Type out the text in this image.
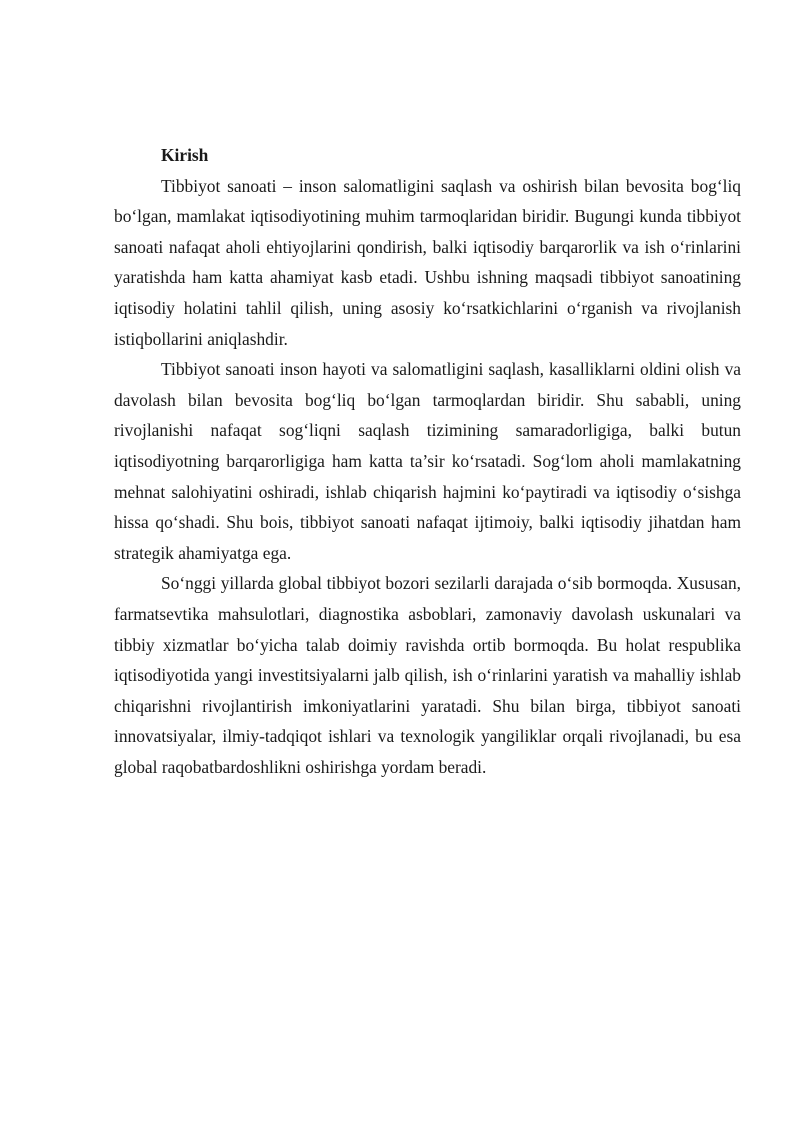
Kirish

Tibbiyot sanoati – inson salomatligini saqlash va oshirish bilan bevosita bog‘liq bo‘lgan, mamlakat iqtisodiyotining muhim tarmoqlaridan biridir. Bugungi kunda tibbiyot sanoati nafaqat aholi ehtiyojlarini qondirish, balki iqtisodiy barqarorlik va ish o‘rinlarini yaratishda ham katta ahamiyat kasb etadi. Ushbu ishning maqsadi tibbiyot sanoatining iqtisodiy holatini tahlil qilish, uning asosiy ko‘rsatkichlarini o‘rganish va rivojlanish istiqbollarini aniqlashdir.

Tibbiyot sanoati inson hayoti va salomatligini saqlash, kasalliklarni oldini olish va davolash bilan bevosita bog‘liq bo‘lgan tarmoqlardan biridir. Shu sababli, uning rivojlanishi nafaqat sog‘liqni saqlash tizimining samaradorligiga, balki butun iqtisodiyotning barqarorligiga ham katta ta’sir ko‘rsatadi. Sog‘lom aholi mamlakatning mehnat salohiyatini oshiradi, ishlab chiqarish hajmini ko‘paytiradi va iqtisodiy o‘sishga hissa qo‘shadi. Shu bois, tibbiyot sanoati nafaqat ijtimoiy, balki iqtisodiy jihatdan ham strategik ahamiyatga ega.

So‘nggi yillarda global tibbiyot bozori sezilarli darajada o‘sib bormoqda. Xususan, farmatsevtika mahsulotlari, diagnostika asboblari, zamonaviy davolash uskunalari va tibbiy xizmatlar bo‘yicha talab doimiy ravishda ortib bormoqda. Bu holat respublika iqtisodiyotida yangi investitsiyalarni jalb qilish, ish o‘rinlarini yaratish va mahalliy ishlab chiqarishni rivojlantirish imkoniyatlarini yaratadi. Shu bilan birga, tibbiyot sanoati innovatsiyalar, ilmiy-tadqiqot ishlari va texnologik yangiliklar orqali rivojlanadi, bu esa global raqobatbardoshlikni oshirishga yordam beradi.
